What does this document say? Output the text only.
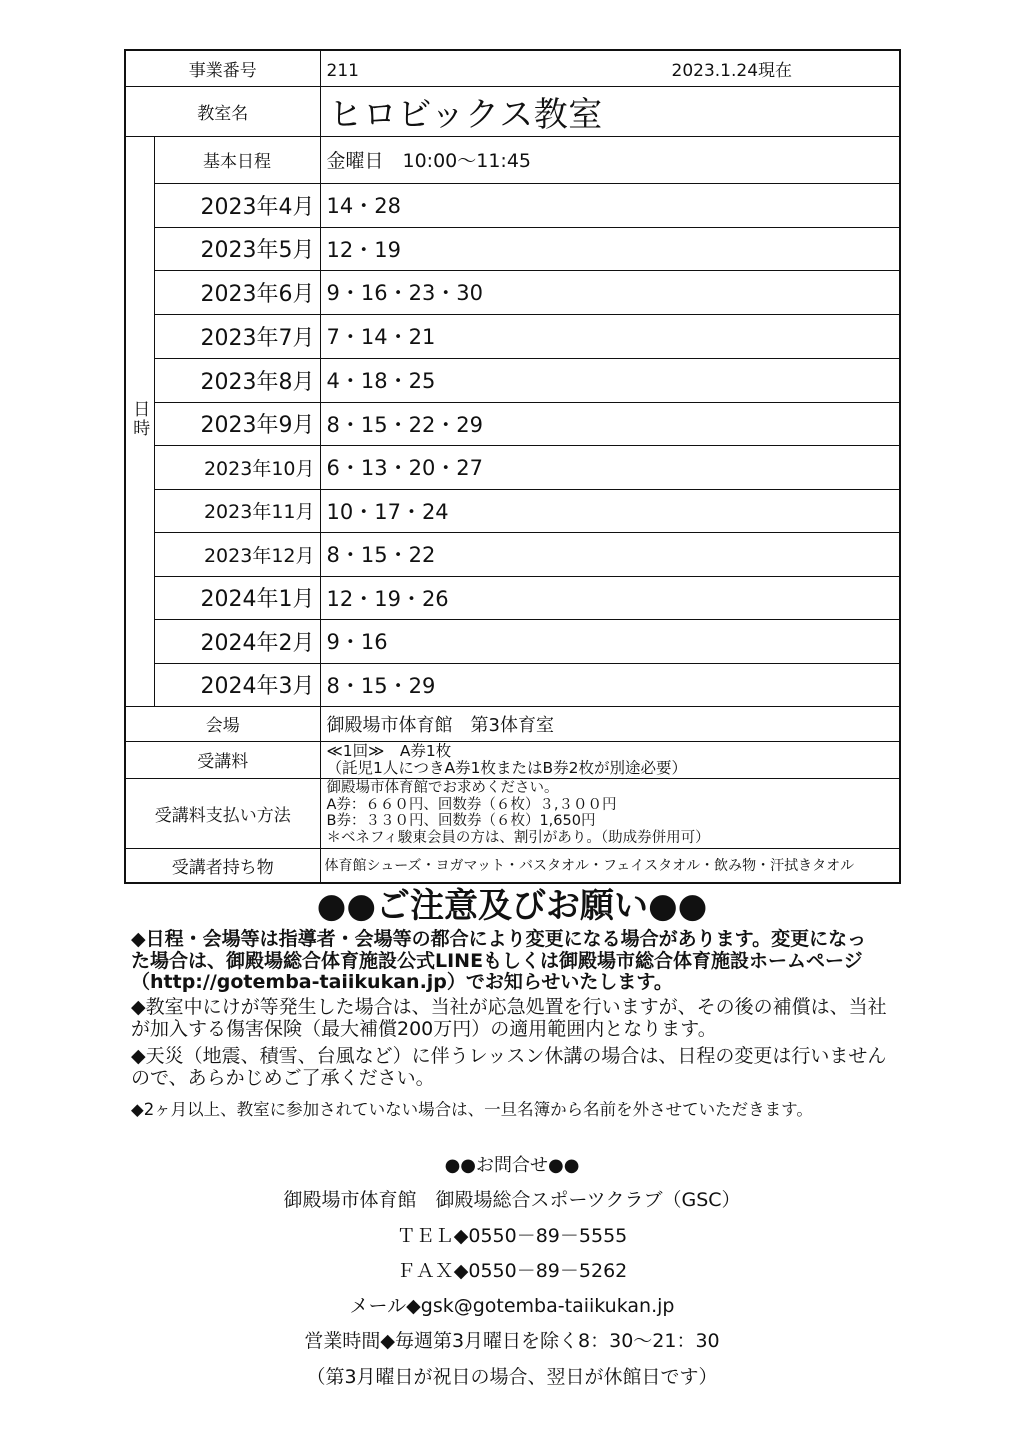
事業番号		211 2023.1.24現在
教室名		ヒロビックス教室
日時	基本日程	金曜日　10:00～11:45
	2023年4月	14・28
	2023年5月	12・19
	2023年6月	9・16・23・30
	2023年7月	7・14・21
	2023年8月	4・18・25
	2023年9月	8・15・22・29
	2023年10月	6・13・20・27
	2023年11月	10・17・24
	2023年12月	8・15・22
	2024年1月	12・19・26
	2024年2月	9・16
	2024年3月	8・15・29
会場		御殿場市体育館　第3体育室
受講料		≪1回≫　A券1枚
（託児1人につきA券1枚またはB券2枚が別途必要）

受講料支払い方法		御殿場市体育館でお求めください。
A券：６６０円、回数券（６枚）３,３００円
B券：３３０円、回数券（６枚）1,650円
＊ベネフィ駿東会員の方は、割引があり。（助成券併用可）

受講者持ち物		体育館シューズ・ヨガマット・バスタオル・フェイスタオル・飲み物・汗拭きタオル
●●ご注意及びお願い●●
◆日程・会場等は指導者・会場等の都合により変更になる場合があります。変更になっ
た場合は、御殿場総合体育施設公式LINEもしくは御殿場市総合体育施設ホームページ
（http://gotemba-taiikukan.jp）でお知らせいたします。
◆教室中にけが等発生した場合は、当社が応急処置を行いますが、その後の補償は、当社
が加入する傷害保険（最大補償200万円）の適用範囲内となります。
◆天災（地震、積雪、台風など）に伴うレッスン休講の場合は、日程の変更は行いません
ので、あらかじめご了承ください。
◆2ヶ月以上、教室に参加されていない場合は、一旦名簿から名前を外させていただきます。
●●お問合せ●●
御殿場市体育館　御殿場総合スポーツクラブ（GSC）
ＴＥＬ◆0550－89－5555
ＦＡＸ◆0550－89－5262
メール◆gsk@gotemba-taiikukan.jp
営業時間◆毎週第3月曜日を除く8：30～21：30
（第3月曜日が祝日の場合、翌日が休館日です）
